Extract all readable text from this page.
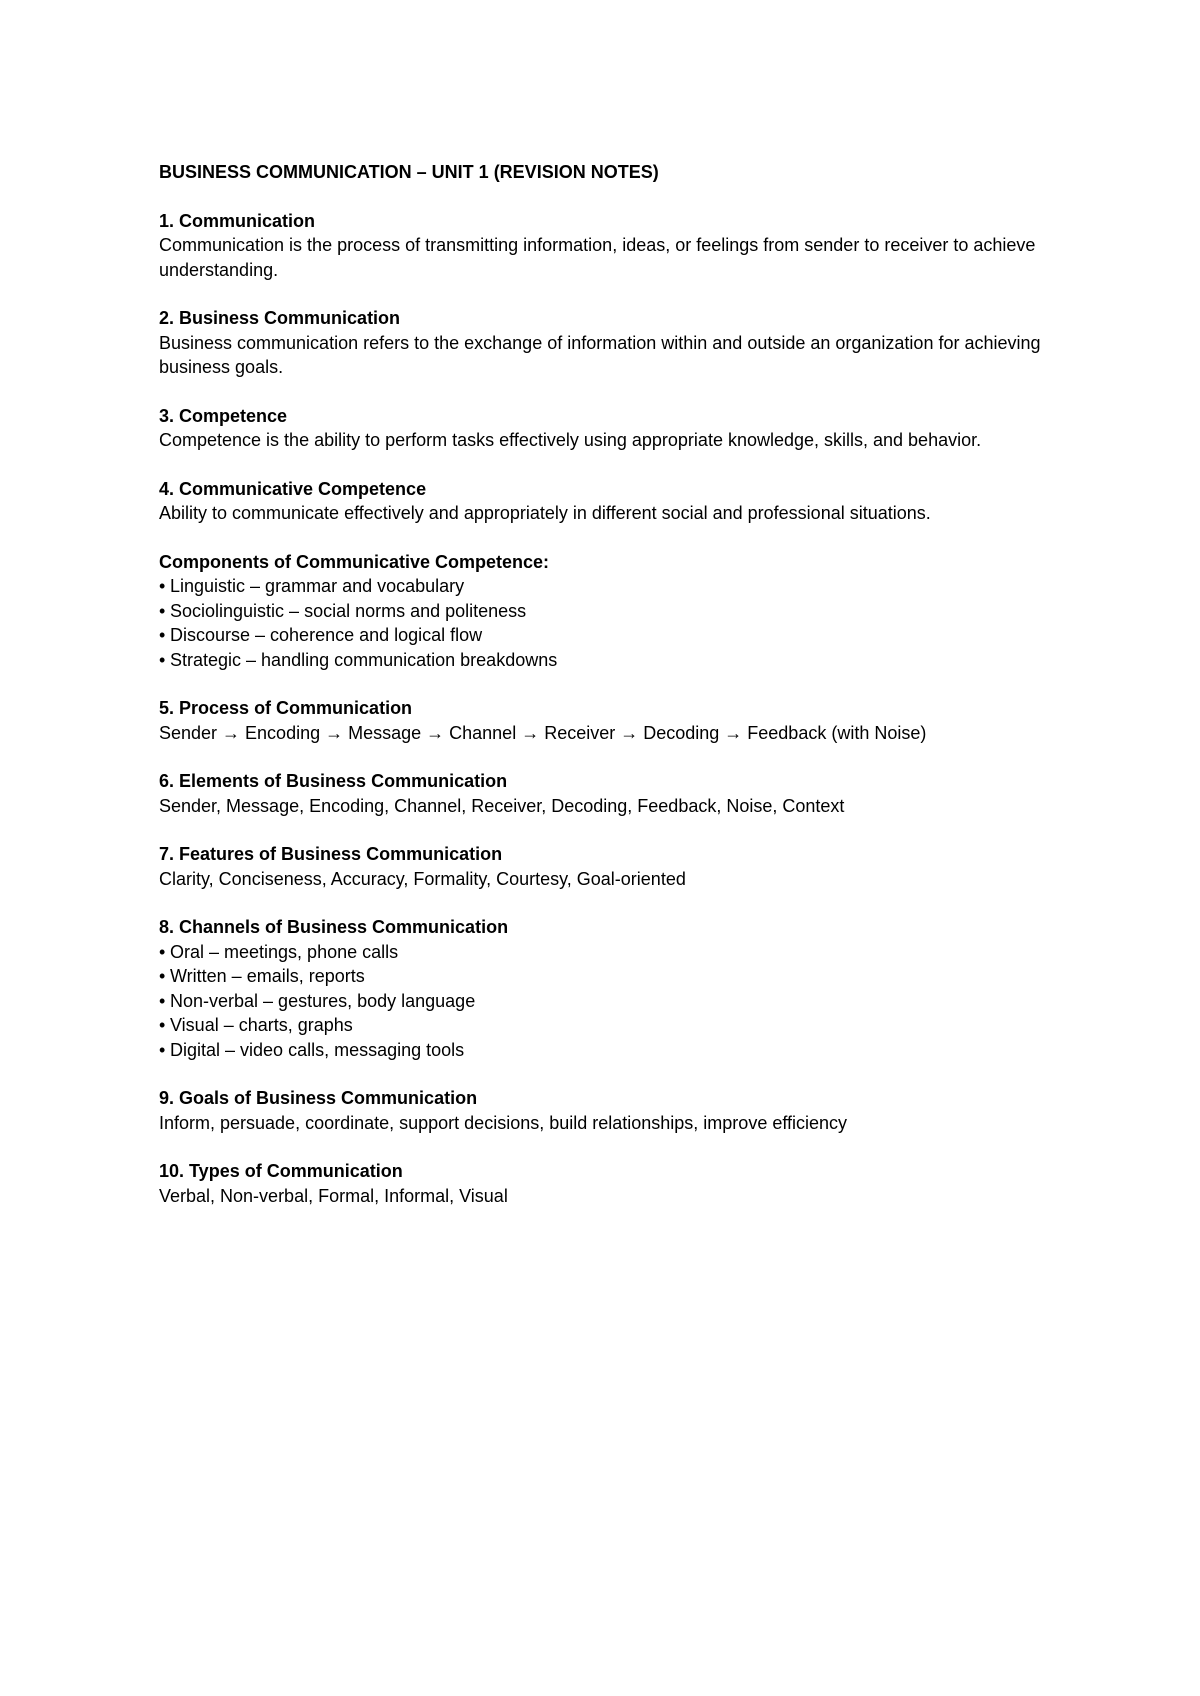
BUSINESS COMMUNICATION – UNIT 1 (REVISION NOTES)
1. Communication
Communication is the process of transmitting information, ideas, or feelings from sender to receiver to achieve understanding.
2. Business Communication
Business communication refers to the exchange of information within and outside an organization for achieving business goals.
3. Competence
Competence is the ability to perform tasks effectively using appropriate knowledge, skills, and behavior.
4. Communicative Competence
Ability to communicate effectively and appropriately in different social and professional situations.
Components of Communicative Competence:
• Linguistic – grammar and vocabulary
• Sociolinguistic – social norms and politeness
• Discourse – coherence and logical flow
• Strategic – handling communication breakdowns
5. Process of Communication
Sender → Encoding → Message → Channel → Receiver → Decoding → Feedback (with Noise)
6. Elements of Business Communication
Sender, Message, Encoding, Channel, Receiver, Decoding, Feedback, Noise, Context
7. Features of Business Communication
Clarity, Conciseness, Accuracy, Formality, Courtesy, Goal-oriented
8. Channels of Business Communication
• Oral – meetings, phone calls
• Written – emails, reports
• Non-verbal – gestures, body language
• Visual – charts, graphs
• Digital – video calls, messaging tools
9. Goals of Business Communication
Inform, persuade, coordinate, support decisions, build relationships, improve efficiency
10. Types of Communication
Verbal, Non-verbal, Formal, Informal, Visual
